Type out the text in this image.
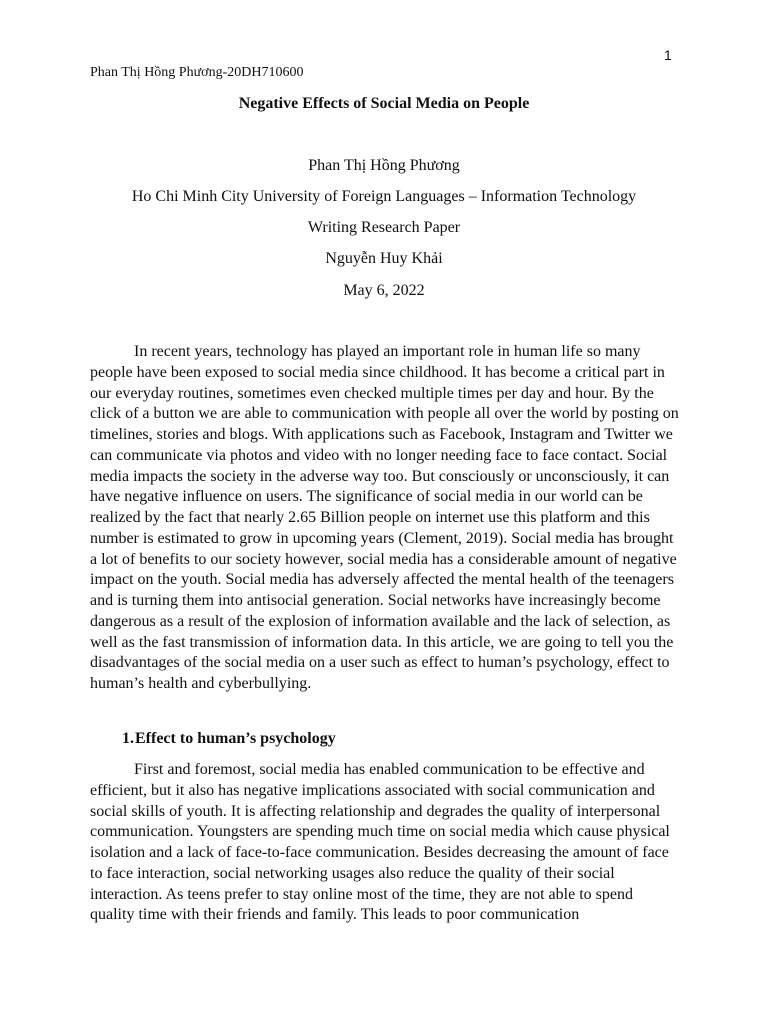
1
Phan Thị Hồng Phương-20DH710600
Negative Effects of Social Media on People
Phan Thị Hồng Phương
Ho Chi Minh City University of Foreign Languages – Information Technology
Writing Research Paper
Nguyễn Huy Khải
May 6, 2022

In recent years, technology has played an important role in human life so many people have been exposed to social media since childhood. It has become a critical part in our everyday routines, sometimes even checked multiple times per day and hour. By the click of a button we are able to communication with people all over the world by posting on timelines, stories and blogs. With applications such as Facebook, Instagram and Twitter we can communicate via photos and video with no longer needing face to face contact. Social media impacts the society in the adverse way too. But consciously or unconsciously, it can have negative influence on users. The significance of social media in our world can be realized by the fact that nearly 2.65 Billion people on internet use this platform and this number is estimated to grow in upcoming years (Clement, 2019). Social media has brought a lot of benefits to our society however, social media has a considerable amount of negative impact on the youth. Social media has adversely affected the mental health of the teenagers and is turning them into antisocial generation. Social networks have increasingly become dangerous as a result of the explosion of information available and the lack of selection, as well as the fast transmission of information data. In this article, we are going to tell you the disadvantages of the social media on a user such as effect to human’s psychology, effect to human’s health and cyberbullying.

1.Effect to human’s psychology

First and foremost, social media has enabled communication to be effective and efficient, but it also has negative implications associated with social communication and social skills of youth. It is affecting relationship and degrades the quality of interpersonal communication. Youngsters are spending much time on social media which cause physical isolation and a lack of face-to-face communication. Besides decreasing the amount of face to face interaction, social networking usages also reduce the quality of their social interaction. As teens prefer to stay online most of the time, they are not able to spend quality time with their friends and family. This leads to poor communication
